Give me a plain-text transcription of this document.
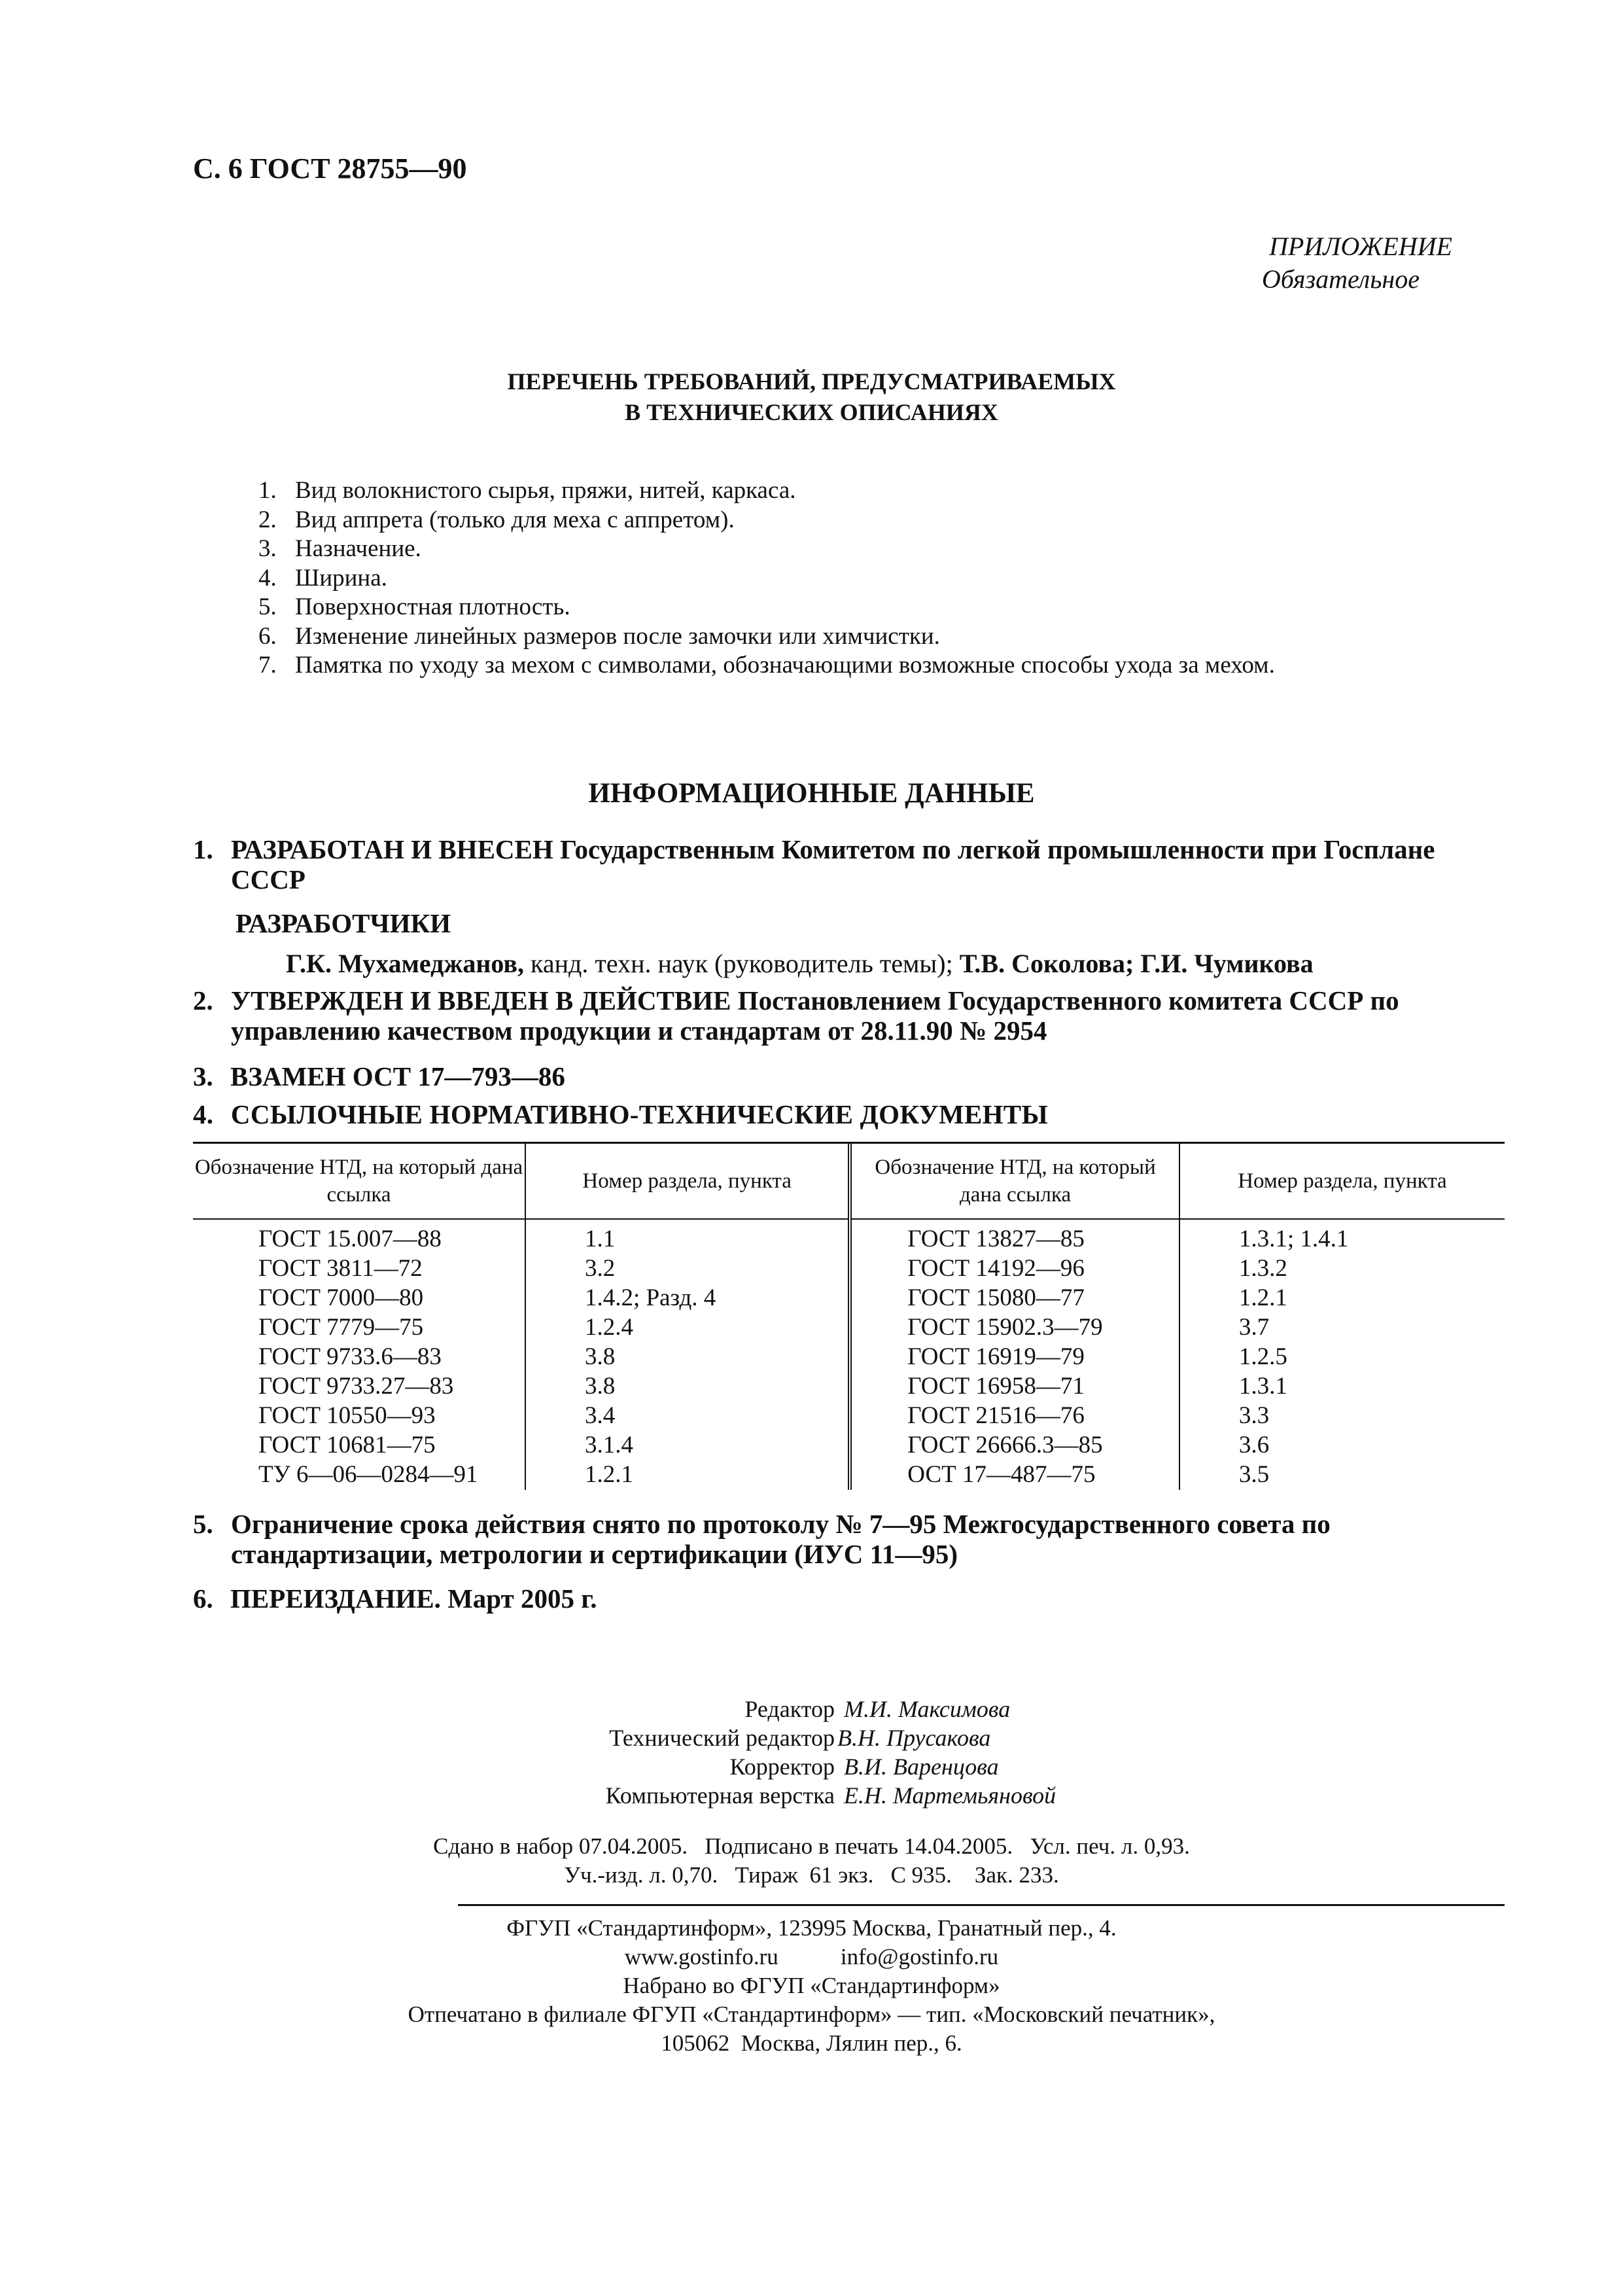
С. 6 ГОСТ 28755—90
ПРИЛОЖЕНИЕ
Обязательное
ПЕРЕЧЕНЬ ТРЕБОВАНИЙ, ПРЕДУСМАТРИВАЕМЫХ
В ТЕХНИЧЕСКИХ ОПИСАНИЯХ
1. Вид волокнистого сырья, пряжи, нитей, каркаса.
2. Вид аппрета (только для меха с аппретом).
3. Назначение.
4. Ширина.
5. Поверхностная плотность.
6. Изменение линейных размеров после замочки или химчистки.
7. Памятка по уходу за мехом с символами, обозначающими возможные способы ухода за мехом.
ИНФОРМАЦИОННЫЕ ДАННЫЕ
1. РАЗРАБОТАН И ВНЕСЕН Государственным Комитетом по легкой промышленности при Госплане СССР
РАЗРАБОТЧИКИ
Г.К. Мухамеджанов, канд. техн. наук (руководитель темы); Т.В. Соколова; Г.И. Чумикова
2. УТВЕРЖДЕН И ВВЕДЕН В ДЕЙСТВИЕ Постановлением Государственного комитета СССР по управлению качеством продукции и стандартам от 28.11.90 № 2954
3. ВЗАМЕН ОСТ 17—793—86
4. ССЫЛОЧНЫЕ НОРМАТИВНО-ТЕХНИЧЕСКИЕ ДОКУМЕНТЫ
Обозначение НТД, на который дана ссылка	Номер раздела, пункта	Обозначение НТД, на который дана ссылка	Номер раздела, пункта
ГОСТ 15.007—88	1.1	ГОСТ 13827—85	1.3.1; 1.4.1
ГОСТ 3811—72	3.2	ГОСТ 14192—96	1.3.2
ГОСТ 7000—80	1.4.2; Разд. 4	ГОСТ 15080—77	1.2.1
ГОСТ 7779—75	1.2.4	ГОСТ 15902.3—79	3.7
ГОСТ 9733.6—83	3.8	ГОСТ 16919—79	1.2.5
ГОСТ 9733.27—83	3.8	ГОСТ 16958—71	1.3.1
ГОСТ 10550—93	3.4	ГОСТ 21516—76	3.3
ГОСТ 10681—75	3.1.4	ГОСТ 26666.3—85	3.6
ТУ 6—06—0284—91	1.2.1	ОСТ 17—487—75	3.5
5. Ограничение срока действия снято по протоколу № 7—95 Межгосударственного совета по стандартизации, метрологии и сертификации (ИУС 11—95)
6. ПЕРЕИЗДАНИЕ. Март 2005 г.
Редактор М.И. Максимова
Технический редактор В.Н. Прусакова
Корректор В.И. Варенцова
Компьютерная верстка Е.Н. Мартемьяновой
Сдано в набор 07.04.2005.   Подписано в печать 14.04.2005.   Усл. печ. л. 0,93.
Уч.-изд. л. 0,70.   Тираж  61 экз.   С 935.    Зак. 233.
ФГУП «Стандартинформ», 123995 Москва, Гранатный пер., 4.
www.gostinfo.ru	info@gostinfo.ru
Набрано во ФГУП «Стандартинформ»
Отпечатано в филиале ФГУП «Стандартинформ» — тип. «Московский печатник»,
105062  Москва, Лялин пер., 6.
